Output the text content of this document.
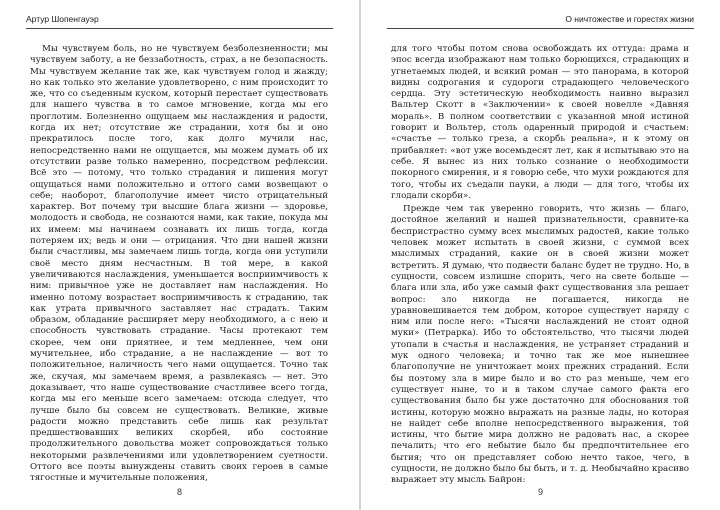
Артур Шопенгауэр

Мы чувствуем боль, но не чувствуем безболезненности; мы чувствуем заботу, а не беззаботность, страх, а не безопасность. Мы чувствуем желание так же, как чувствуем голод и жажду; но как только это желание удовлетворено, с ним происходит то же, что со съеденным куском, который перестает существовать для нашего чувства в то самое мгновение, когда мы его проглотим. Болезненно ощущаем мы наслаждения и радости, когда их нет; отсутствие же страдании, хотя бы и оно прекратилось после того, как долго мучили нас, непосредственно нами не ощущается, мы можем думать об их отсутствии разве только намеренно, посредством рефлексии. Всё это — потому, что только страдания и лишения могут ощущаться нами положительно и оттого сами возвещают о себе; наоборот, благополучие имеет чисто отрицательный характер. Вот почему три высшие блага жизни — здоровье, молодость и свобода, не сознаются нами, как такие, покуда мы их имеем: мы начинаем сознавать их лишь тогда, когда потеряем их; ведь и они — отрицания. Что дни нашей жизни были счастливы, мы замечаем лишь тогда, когда они уступили своё место дням несчастным. В той мере, в какой увеличиваются наслаждения, уменьшается восприимчивость к ним: привычное уже не доставляет нам наслаждения. Но именно потому возрастает восприимчивость к страданию, так как утрата привычного заставляет нас страдать. Таким образом, обладание расширяет меру необходимого, а с нею и способность чувствовать страдание. Часы протекают тем скорее, чем они приятнее, и тем медленнее, чем они мучительнее, ибо страдание, а не наслаждение — вот то положительное, наличность чего нами ощущается. Точно так же, скучая, мы замечаем время, а развлекаясь — нет. Это доказывает, что наше существование счастливее всего тогда, когда мы его меньше всего замечаем: отсюда следует, что лучше было бы совсем не существовать. Великие, живые радости можно представить себе лишь как результат предшествовавших великих скорбей, ибо состояние продолжительного довольства может сопровождаться только некоторыми развлечениями или удовлетворением суетности. Оттого все поэты вынуждены ставить своих героев в самые тягостные и мучительные положения,

8
О ничтожестве и горестях жизни

для того чтобы потом снова освобождать их оттуда: драма и эпос всегда изображают нам только борющихся, страдающих и угнетаемых людей, и всякий роман — это панорама, в которой видны содрогания и судороги страдающего человеческого сердца. Эту эстетическую необходимость наивно выразил Вальтер Скотт в «Заключении» к своей новелле «Давняя мораль». В полном соответствии с указанной мной истиной говорит и Вольтер, столь одаренный природой и счастьем: «счастье — только греза, а скорбь реальна», и к этому он прибавляет: «вот уже восемьдесят лет, как я испытываю это на себе. Я вынес из них только сознание о необходимости покорного смирения, и я говорю себе, что мухи рождаются для того, чтобы их съедали пауки, а люди — для того, чтобы их глодали скорби».

Прежде чем так уверенно говорить, что жизнь — благо, достойное желаний и нашей признательности, сравните-ка беспристрастно сумму всех мыслимых радостей, какие только человек может испытать в своей жизни, с суммой всех мыслимых страданий, какие он в своей жизни может встретить. Я думаю, что подвести баланс будет не трудно. Но, в сущности, совсем излишне спорить, чего на свете больше — блага или зла, ибо уже самый факт существования зла решает вопрос: зло никогда не погашается, никогда не уравновешивается тем добром, которое существует наряду с ним или после него: «Тысячи наслаждений не стоят одной муки» (Петрарка). Ибо то обстоятельство, что тысячи людей утопали в счастья и наслаждения, не устраняет страданий и мук одного человека; и точно так же мое нынешнее благополучие не уничтожает моих прежних страданий. Если бы поэтому зла в мире было и во сто раз меньше, чем его существует ныне, то и в таком случае самого факта его существования было бы уже достаточно для обоснования той истины, которую можно выражать на разные лады, но которая не найдет себе вполне непосредственного выражения, той истины, что бытие мира должно не радовать нас, а скорее печалить; что его небытие было бы предпочтительнее его бытия; что он представляет собою нечто такое, чего, в сущности, не должно было бы быть, и т. д. Необычайно красиво выражает эту мысль Байрон:

9
